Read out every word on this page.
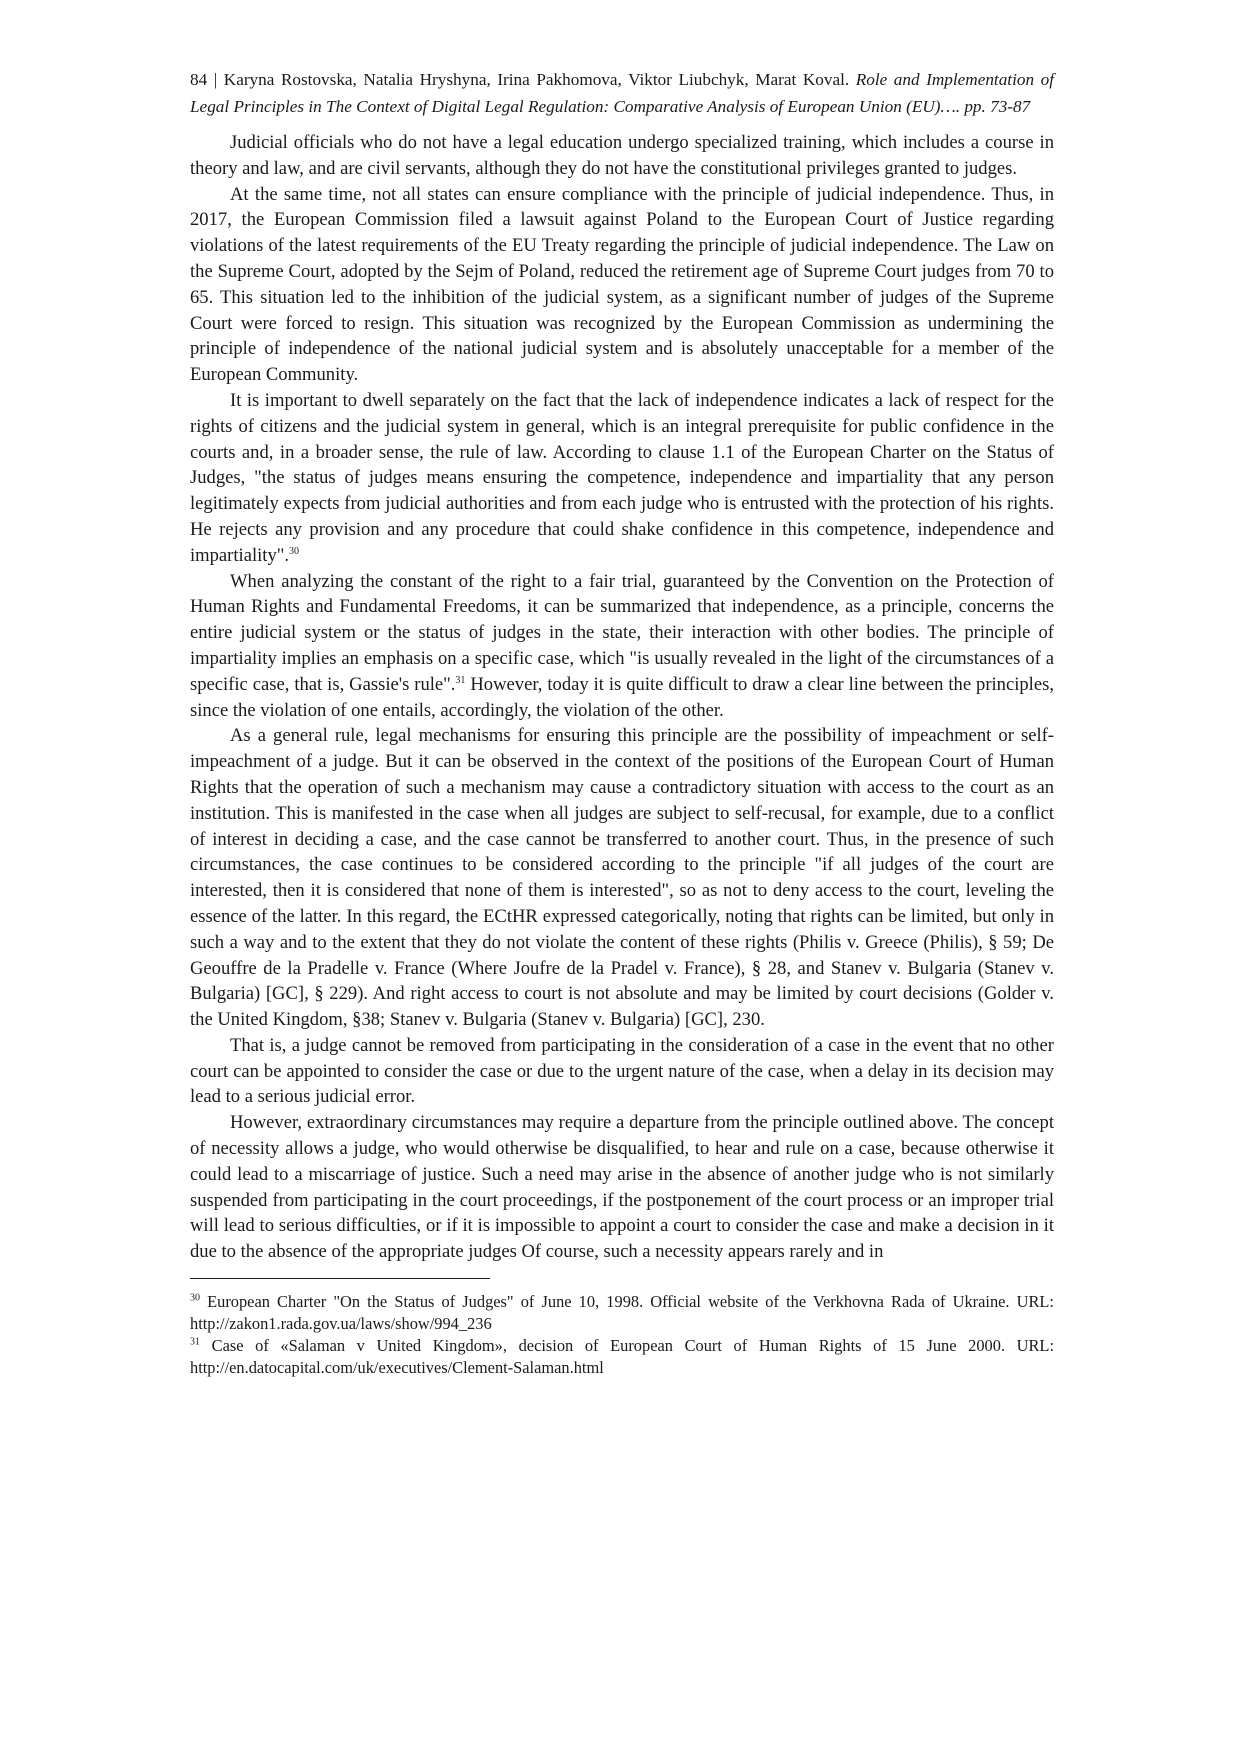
84 | Karyna Rostovska, Natalia Hryshyna, Irina Pakhomova, Viktor Liubchyk, Marat Koval. Role and Implementation of Legal Principles in The Context of Digital Legal Regulation: Comparative Analysis of European Union (EU)…. pp. 73-87

Judicial officials who do not have a legal education undergo specialized training, which includes a course in theory and law, and are civil servants, although they do not have the constitutional privileges granted to judges.

At the same time, not all states can ensure compliance with the principle of judicial independence. Thus, in 2017, the European Commission filed a lawsuit against Poland to the European Court of Justice regarding violations of the latest requirements of the EU Treaty regarding the principle of judicial independence. The Law on the Supreme Court, adopted by the Sejm of Poland, reduced the retirement age of Supreme Court judges from 70 to 65. This situation led to the inhibition of the judicial system, as a significant number of judges of the Supreme Court were forced to resign. This situation was recognized by the European Commission as undermining the principle of independence of the national judicial system and is absolutely unacceptable for a member of the European Community.

It is important to dwell separately on the fact that the lack of independence indicates a lack of respect for the rights of citizens and the judicial system in general, which is an integral prerequisite for public confidence in the courts and, in a broader sense, the rule of law. According to clause 1.1 of the European Charter on the Status of Judges, "the status of judges means ensuring the competence, independence and impartiality that any person legitimately expects from judicial authorities and from each judge who is entrusted with the protection of his rights. He rejects any provision and any procedure that could shake confidence in this competence, independence and impartiality".$^{30}$

When analyzing the constant of the right to a fair trial, guaranteed by the Convention on the Protection of Human Rights and Fundamental Freedoms, it can be summarized that independence, as a principle, concerns the entire judicial system or the status of judges in the state, their interaction with other bodies. The principle of impartiality implies an emphasis on a specific case, which "is usually revealed in the light of the circumstances of a specific case, that is, Gassie's rule".$^{31}$ However, today it is quite difficult to draw a clear line between the principles, since the violation of one entails, accordingly, the violation of the other.

As a general rule, legal mechanisms for ensuring this principle are the possibility of impeachment or self-impeachment of a judge. But it can be observed in the context of the positions of the European Court of Human Rights that the operation of such a mechanism may cause a contradictory situation with access to the court as an institution. This is manifested in the case when all judges are subject to self-recusal, for example, due to a conflict of interest in deciding a case, and the case cannot be transferred to another court. Thus, in the presence of such circumstances, the case continues to be considered according to the principle "if all judges of the court are interested, then it is considered that none of them is interested", so as not to deny access to the court, leveling the essence of the latter. In this regard, the ECtHR expressed categorically, noting that rights can be limited, but only in such a way and to the extent that they do not violate the content of these rights (Philis v. Greece (Philis), § 59; De Geouffre de la Pradelle v. France (Where Joufre de la Pradel v. France), § 28, and Stanev v. Bulgaria (Stanev v. Bulgaria) [GC], § 229). And right access to court is not absolute and may be limited by court decisions (Golder v. the United Kingdom, §38; Stanev v. Bulgaria (Stanev v. Bulgaria) [GC], 230.

That is, a judge cannot be removed from participating in the consideration of a case in the event that no other court can be appointed to consider the case or due to the urgent nature of the case, when a delay in its decision may lead to a serious judicial error.

However, extraordinary circumstances may require a departure from the principle outlined above. The concept of necessity allows a judge, who would otherwise be disqualified, to hear and rule on a case, because otherwise it could lead to a miscarriage of justice. Such a need may arise in the absence of another judge who is not similarly suspended from participating in the court proceedings, if the postponement of the court process or an improper trial will lead to serious difficulties, or if it is impossible to appoint a court to consider the case and make a decision in it due to the absence of the appropriate judges Of course, such a necessity appears rarely and in

$^{30}$ European Charter "On the Status of Judges" of June 10, 1998. Official website of the Verkhovna Rada of Ukraine. URL: http://zakon1.rada.gov.ua/laws/show/994_236

$^{31}$ Case of «Salaman v United Kingdom», decision of European Court of Human Rights of 15 June 2000. URL: http://en.datocapital.com/uk/executives/Clement-Salaman.html
